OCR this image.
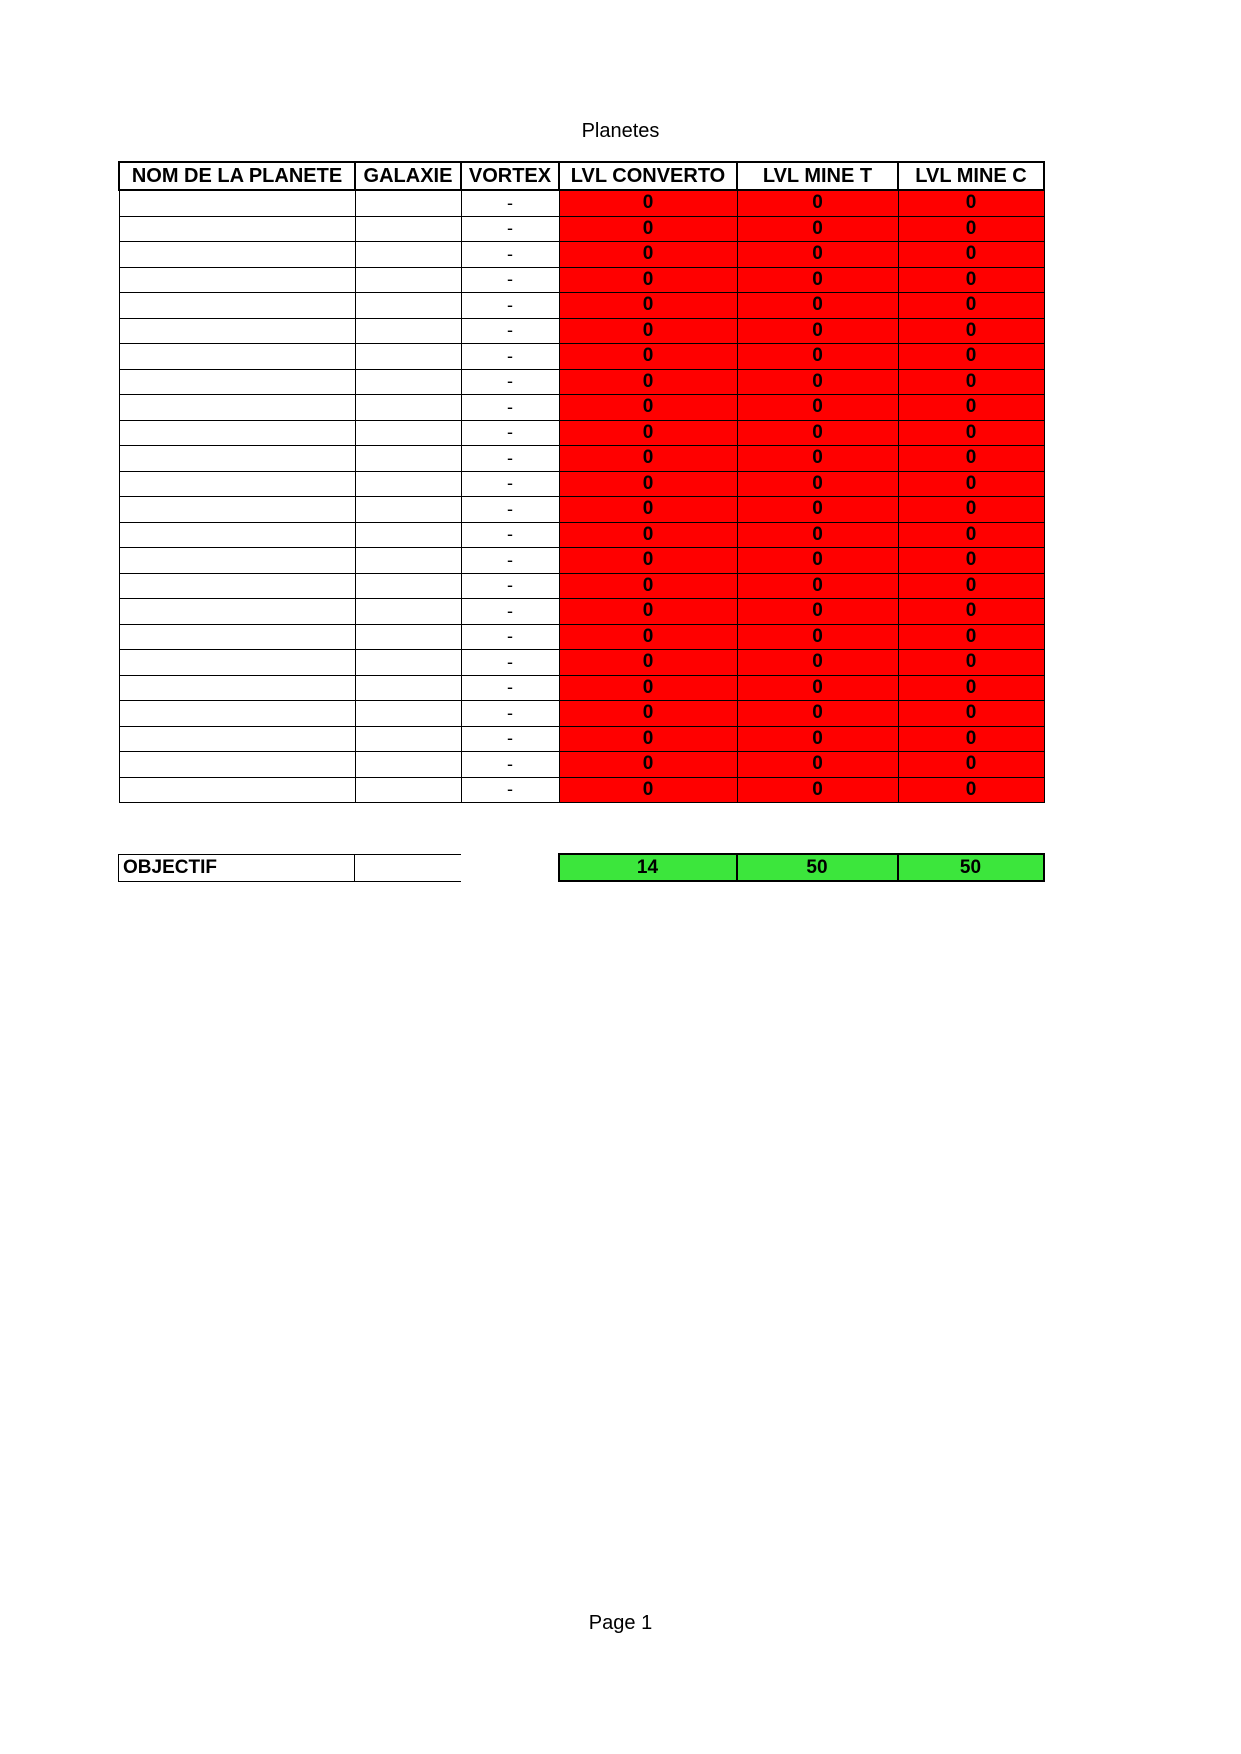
Planetes
NOM DE LA PLANETE	GALAXIE	VORTEX	LVL CONVERTO	LVL MINE T	LVL MINE C
		-	0	0	0
		-	0	0	0
		-	0	0	0
		-	0	0	0
		-	0	0	0
		-	0	0	0
		-	0	0	0
		-	0	0	0
		-	0	0	0
		-	0	0	0
		-	0	0	0
		-	0	0	0
		-	0	0	0
		-	0	0	0
		-	0	0	0
		-	0	0	0
		-	0	0	0
		-	0	0	0
		-	0	0	0
		-	0	0	0
		-	0	0	0
		-	0	0	0
		-	0	0	0
		-	0	0	0
OBJECTIF			14	50	50
Page 1
